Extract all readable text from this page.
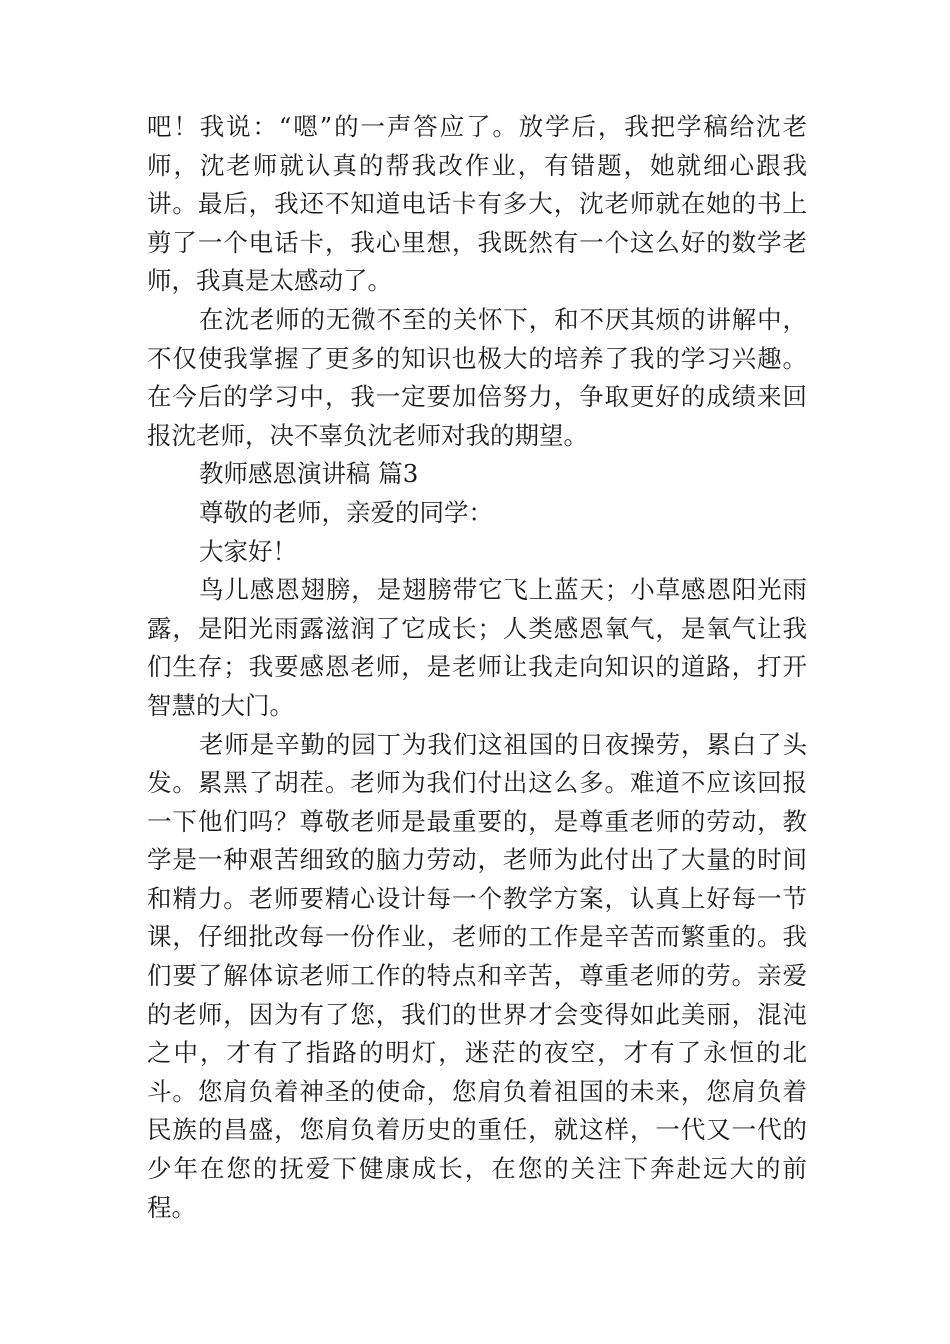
吧！我说：“嗯”的一声答应了。放学后，我把学稿给沈老师，沈老师就认真的帮我改作业，有错题，她就细心跟我讲。最后，我还不知道电话卡有多大，沈老师就在她的书上剪了一个电话卡，我心里想，我既然有一个这么好的数学老师，我真是太感动了。

在沈老师的无微不至的关怀下，和不厌其烦的讲解中，不仅使我掌握了更多的知识也极大的培养了我的学习兴趣。在今后的学习中，我一定要加倍努力，争取更好的成绩来回报沈老师，决不辜负沈老师对我的期望。

教师感恩演讲稿 篇3

尊敬的老师，亲爱的同学：

大家好！

鸟儿感恩翅膀，是翅膀带它飞上蓝天；小草感恩阳光雨露，是阳光雨露滋润了它成长；人类感恩氧气，是氧气让我们生存；我要感恩老师，是老师让我走向知识的道路，打开智慧的大门。

老师是辛勤的园丁为我们这祖国的日夜操劳，累白了头发。累黑了胡茬。老师为我们付出这么多。难道不应该回报一下他们吗？尊敬老师是最重要的，是尊重老师的劳动，教学是一种艰苦细致的脑力劳动，老师为此付出了大量的时间和精力。老师要精心设计每一个教学方案，认真上好每一节课，仔细批改每一份作业，老师的工作是辛苦而繁重的。我们要了解体谅老师工作的特点和辛苦，尊重老师的劳。亲爱的老师，因为有了您，我们的世界才会变得如此美丽，混沌之中，才有了指路的明灯，迷茫的夜空，才有了永恒的北斗。您肩负着神圣的使命，您肩负着祖国的未来，您肩负着民族的昌盛，您肩负着历史的重任，就这样，一代又一代的少年在您的抚爱下健康成长，在您的关注下奔赴远大的前程。
